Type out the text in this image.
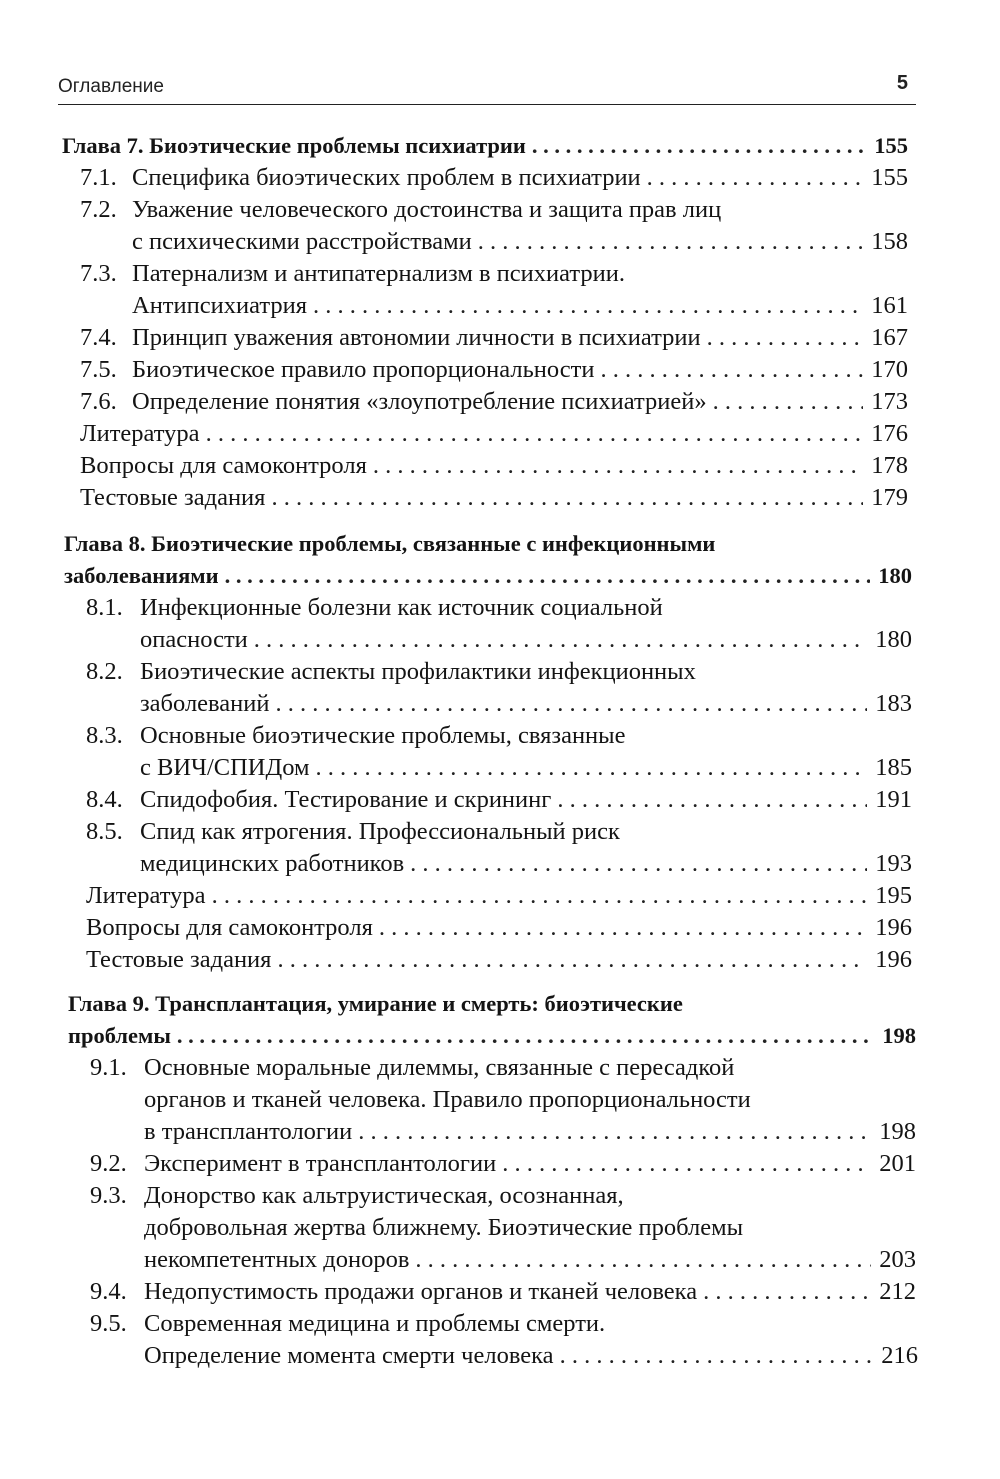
Оглавление	5
Глава 7. Биоэтические проблемы психиатрии . . .	155
7.1. Специфика биоэтических проблем в психиатрии . . .	155
7.2. Уважение человеческого достоинства и защита прав лиц
с психическими расстройствами . . .	158
7.3. Патернализм и антипатернализм в психиатрии.
Антипсихиатрия . . .	161
7.4. Принцип уважения автономии личности в психиатрии . . .	167
7.5. Биоэтическое правило пропорциональности . . .	170
7.6. Определение понятия «злоупотребление психиатрией» . . .	173
Литература . . .	176
Вопросы для самоконтроля . . .	178
Тестовые задания . . .	179
Глава 8. Биоэтические проблемы, связанные с инфекционными
заболеваниями . . .	180
8.1. Инфекционные болезни как источник социальной
опасности . . .	180
8.2. Биоэтические аспекты профилактики инфекционных
заболеваний . . .	183
8.3. Основные биоэтические проблемы, связанные
с ВИЧ/СПИДом . . .	185
8.4. Спидофобия. Тестирование и скрининг . . .	191
8.5. Спид как ятрогения. Профессиональный риск
медицинских работников . . .	193
Литература . . .	195
Вопросы для самоконтроля . . .	196
Тестовые задания . . .	196
Глава 9. Трансплантация, умирание и смерть: биоэтические
проблемы . . .	198
9.1. Основные моральные дилеммы, связанные с пересадкой
органов и тканей человека. Правило пропорциональности
в трансплантологии . . .	198
9.2. Эксперимент в трансплантологии . . .	201
9.3. Донорство как альтруистическая, осознанная,
добровольная жертва ближнему. Биоэтические проблемы
некомпетентных доноров . . .	203
9.4. Недопустимость продажи органов и тканей человека . . .	212
9.5. Современная медицина и проблемы смерти.
Определение момента смерти человека . . .	216
